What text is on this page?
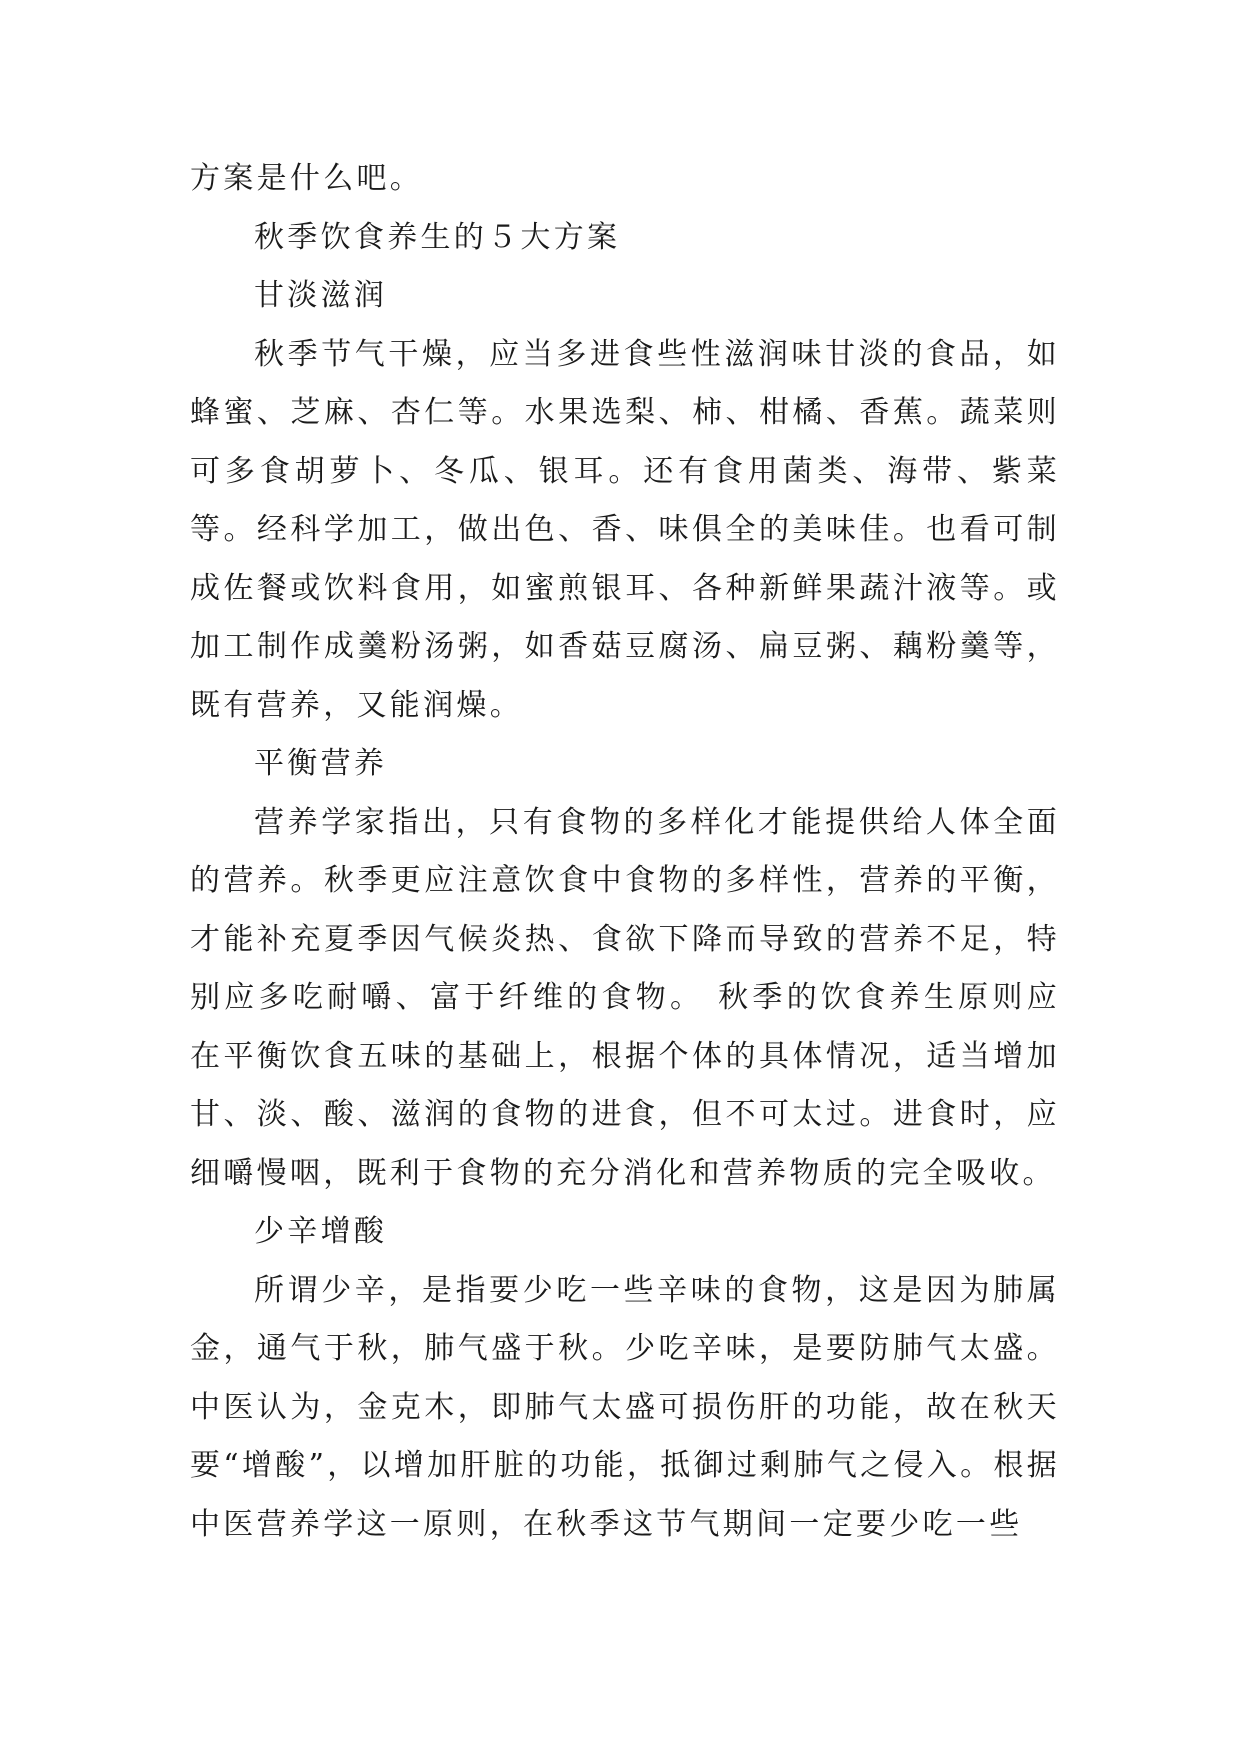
方案是什么吧。

秋季饮食养生的５大方案

甘淡滋润

秋季节气干燥，应当多进食些性滋润味甘淡的食品，如蜂蜜、芝麻、杏仁等。水果选梨、柿、柑橘、香蕉。蔬菜则可多食胡萝卜、冬瓜、银耳。还有食用菌类、海带、紫菜等。经科学加工，做出色、香、味俱全的美味佳。也看可制成佐餐或饮料食用，如蜜煎银耳、各种新鲜果蔬汁液等。或加工制作成羹粉汤粥，如香菇豆腐汤、扁豆粥、藕粉羹等，既有营养，又能润燥。

平衡营养

营养学家指出，只有食物的多样化才能提供给人体全面的营养。秋季更应注意饮食中食物的多样性，营养的平衡，才能补充夏季因气候炎热、食欲下降而导致的营养不足，特别应多吃耐嚼、富于纤维的食物。 秋季的饮食养生原则应在平衡饮食五味的基础上，根据个体的具体情况，适当增加甘、淡、酸、滋润的食物的进食，但不可太过。进食时，应细嚼慢咽，既利于食物的充分消化和营养物质的完全吸收。

少辛增酸

所谓少辛，是指要少吃一些辛味的食物，这是因为肺属金，通气于秋，肺气盛于秋。少吃辛味，是要防肺气太盛。中医认为，金克木，即肺气太盛可损伤肝的功能，故在秋天要“增酸”，以增加肝脏的功能，抵御过剩肺气之侵入。根据中医营养学这一原则，在秋季这节气期间一定要少吃一些
